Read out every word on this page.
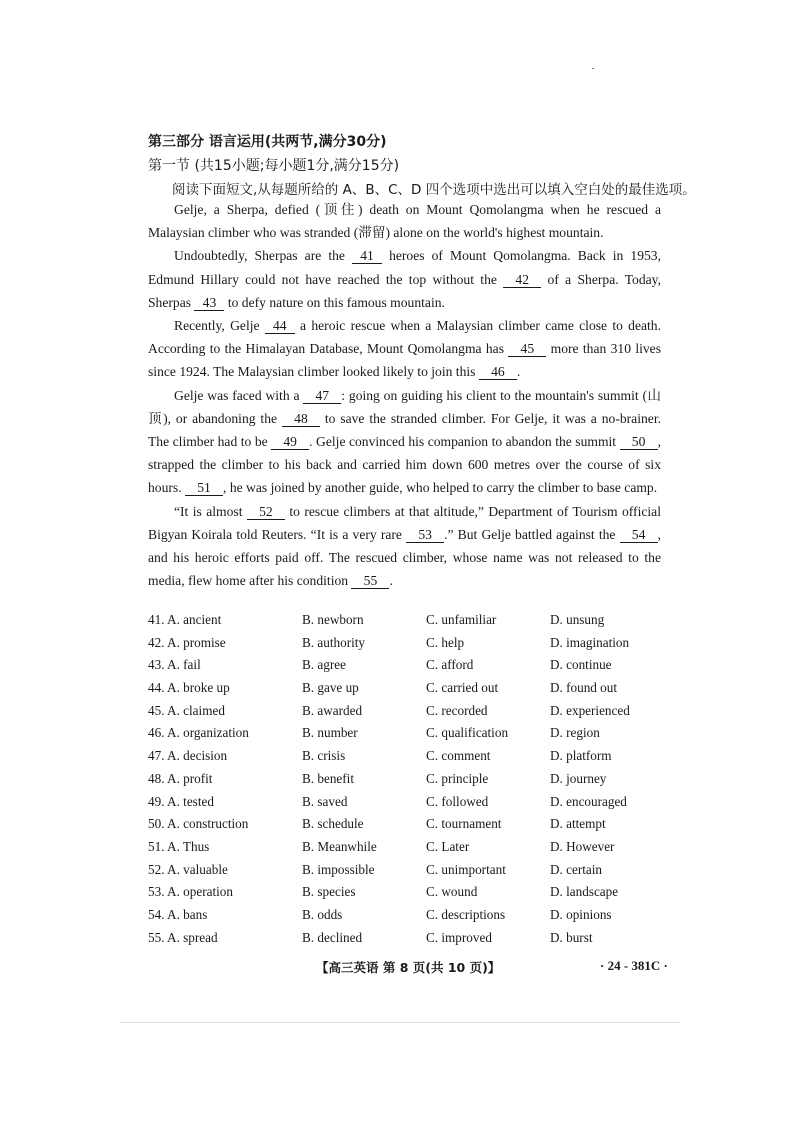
第三部分 语言运用(共两节,满分30分)
第一节 (共15小题;每小题1分,满分15分)
阅读下面短文,从每题所给的 A、B、C、D 四个选项中选出可以填入空白处的最佳选项。

Gelje, a Sherpa, defied (顶住) death on Mount Qomolangma when he rescued a Malaysian climber who was stranded (滞留) alone on the world's highest mountain.

Undoubtedly, Sherpas are the 41 heroes of Mount Qomolangma. Back in 1953, Edmund Hillary could not have reached the top without the 42 of a Sherpa. Today, Sherpas 43 to defy nature on this famous mountain.

Recently, Gelje 44 a heroic rescue when a Malaysian climber came close to death. According to the Himalayan Database, Mount Qomolangma has 45 more than 310 lives since 1924. The Malaysian climber looked likely to join this 46 .

Gelje was faced with a 47 : going on guiding his client to the mountain's summit (山顶), or abandoning the 48 to save the stranded climber. For Gelje, it was a no-brainer. The climber had to be 49 . Gelje convinced his companion to abandon the summit 50 , strapped the climber to his back and carried him down 600 metres over the course of six hours. 51 , he was joined by another guide, who helped to carry the climber to base camp.

“It is almost 52 to rescue climbers at that altitude,” Department of Tourism official Bigyan Koirala told Reuters. “It is a very rare 53 .” But Gelje battled against the 54 , and his heroic efforts paid off. The rescued climber, whose name was not released to the media, flew home after his condition 55 .

41. A. ancient	B. newborn	C. unfamiliar	D. unsung
42. A. promise	B. authority	C. help	D. imagination
43. A. fail	B. agree	C. afford	D. continue
44. A. broke up	B. gave up	C. carried out	D. found out
45. A. claimed	B. awarded	C. recorded	D. experienced
46. A. organization	B. number	C. qualification	D. region
47. A. decision	B. crisis	C. comment	D. platform
48. A. profit	B. benefit	C. principle	D. journey
49. A. tested	B. saved	C. followed	D. encouraged
50. A. construction	B. schedule	C. tournament	D. attempt
51. A. Thus	B. Meanwhile	C. Later	D. However
52. A. valuable	B. impossible	C. unimportant	D. certain
53. A. operation	B. species	C. wound	D. landscape
54. A. bans	B. odds	C. descriptions	D. opinions
55. A. spread	B. declined	C. improved	D. burst
【高三英语 第 8 页(共 10 页)】	· 24 - 381C ·
